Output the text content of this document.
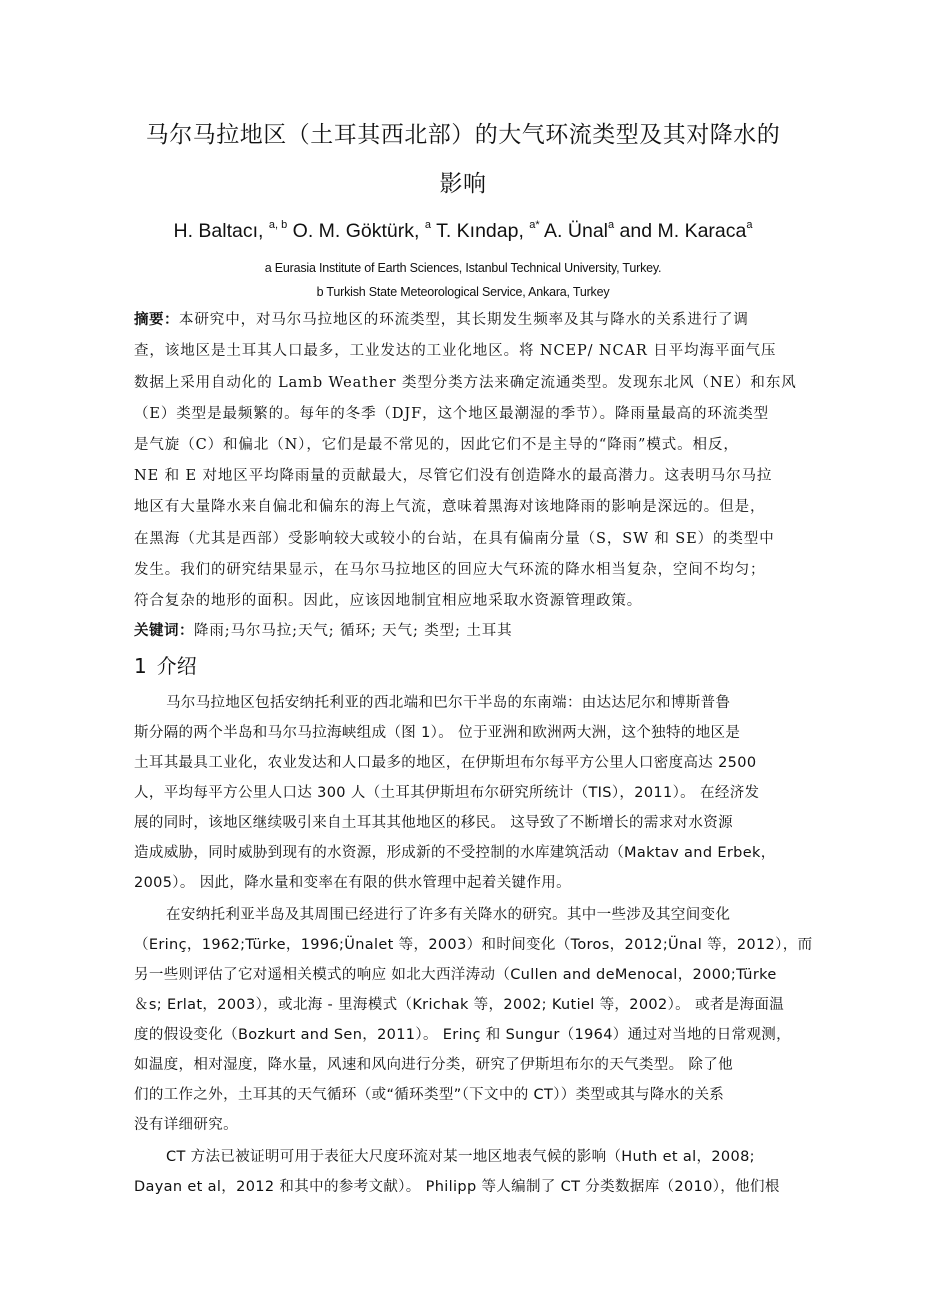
马尔马拉地区（土耳其西北部）的大气环流类型及其对降水的
影响
H. Baltacı, $^{a, b}$ O. M. Göktürk, $^a$ T. Kındap, $^{a*}$ A. Ünal$^a$ and M. Karaca$^a$
a Eurasia Institute of Earth Sciences, Istanbul Technical University, Turkey.
b Turkish State Meteorological Service, Ankara, Turkey
摘要：本研究中，对马尔马拉地区的环流类型，其长期发生频率及其与降水的关系进行了调
查，该地区是土耳其人口最多，工业发达的工业化地区。将 NCEP/ NCAR 日平均海平面气压
数据上采用自动化的 Lamb Weather 类型分类方法来确定流通类型。发现东北风（NE）和东风
（E）类型是最频繁的。每年的冬季（DJF，这个地区最潮湿的季节）。降雨量最高的环流类型
是气旋（C）和偏北（N），它们是最不常见的，因此它们不是主导的“降雨”模式。相反，
NE 和 E 对地区平均降雨量的贡献最大，尽管它们没有创造降水的最高潜力。这表明马尔马拉
地区有大量降水来自偏北和偏东的海上气流，意味着黑海对该地降雨的影响是深远的。但是，
在黑海（尤其是西部）受影响较大或较小的台站，在具有偏南分量（S，SW 和 SE）的类型中
发生。我们的研究结果显示，在马尔马拉地区的回应大气环流的降水相当复杂，空间不均匀；
符合复杂的地形的面积。因此，应该因地制宜相应地采取水资源管理政策。
关键词：降雨;马尔马拉;天气; 循环; 天气; 类型; 土耳其
1 介绍
马尔马拉地区包括安纳托利亚的西北端和巴尔干半岛的东南端：由达达尼尔和博斯普鲁
斯分隔的两个半岛和马尔马拉海峡组成（图 1）。 位于亚洲和欧洲两大洲，这个独特的地区是
土耳其最具工业化，农业发达和人口最多的地区，在伊斯坦布尔每平方公里人口密度高达 2500
人，平均每平方公里人口达 300 人（土耳其伊斯坦布尔研究所统计（TIS），2011）。 在经济发
展的同时，该地区继续吸引来自土耳其其他地区的移民。 这导致了不断增长的需求对水资源
造成威胁，同时威胁到现有的水资源，形成新的不受控制的水库建筑活动（Maktav and Erbek，
2005）。 因此，降水量和变率在有限的供水管理中起着关键作用。
在安纳托利亚半岛及其周围已经进行了许多有关降水的研究。其中一些涉及其空间变化
（Erinç，1962;Türke，1996;Ünalet 等，2003）和时间变化（Toros，2012;Ünal 等，2012），而
另一些则评估了它对遥相关模式的响应 如北大西洋涛动（Cullen and deMenocal，2000;Türke
＆s; Erlat，2003），或北海 - 里海模式（Krichak 等，2002; Kutiel 等，2002）。 或者是海面温
度的假设变化（Bozkurt and Sen，2011）。 Erinç 和 Sungur（1964）通过对当地的日常观测，
如温度，相对湿度，降水量，风速和风向进行分类，研究了伊斯坦布尔的天气类型。 除了他
们的工作之外，土耳其的天气循环（或“循环类型”（下文中的 CT））类型或其与降水的关系
没有详细研究。
CT 方法已被证明可用于表征大尺度环流对某一地区地表气候的影响（Huth et al，2008;
Dayan et al，2012 和其中的参考文献）。 Philipp 等人编制了 CT 分类数据库（2010），他们根
